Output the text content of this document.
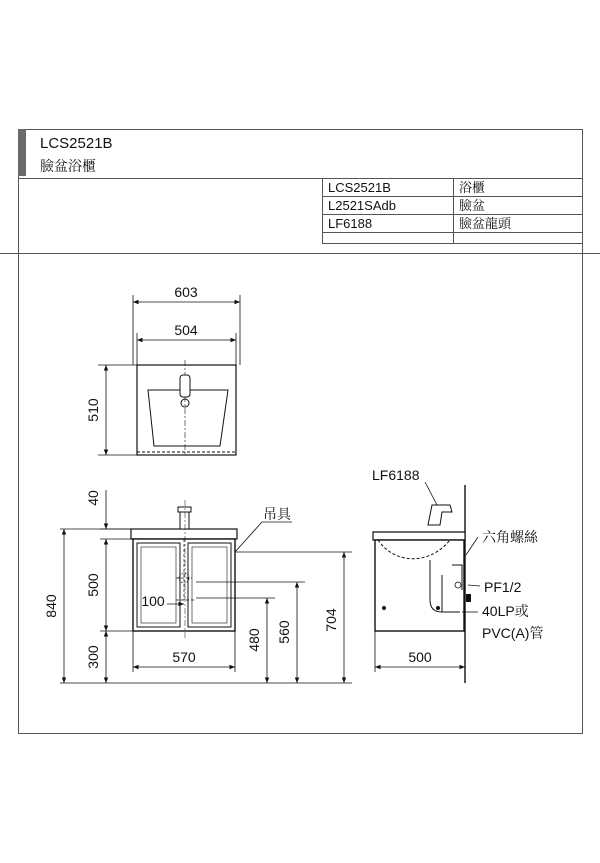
LCS2521B
臉盆浴櫃
LCS2521B	浴櫃
L2521SAdb	臉盆
LF6188	臉盆龍頭

603
504
510
40
500
300
840
570
100
吊具
704
560
480
LF6188
六角螺絲
PF1/2
40LP或
PVC(A)管
500
